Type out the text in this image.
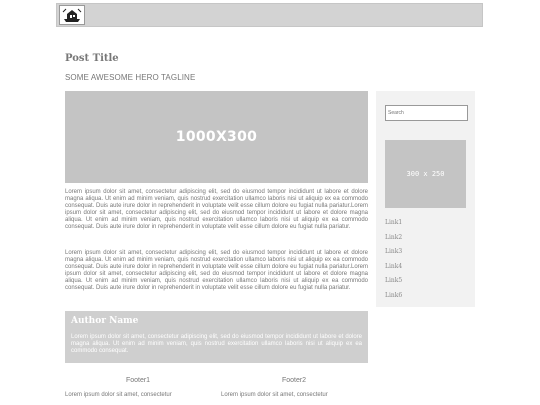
Post Title
SOME AWESOME HERO TAGLINE
1000X300

Lorem ipsum dolor sit amet, consectetur adipiscing elit, sed do eiusmod tempor incididunt ut labore et dolore magna aliqua. Ut enim ad minim veniam, quis nostrud exercitation ullamco laboris nisi ut aliquip ex ea commodo consequat. Duis aute irure dolor in reprehenderit in voluptate velit esse cillum dolore eu fugiat nulla pariatur.Lorem ipsum dolor sit amet, consectetur adipiscing elit, sed do eiusmod tempor incididunt ut labore et dolore magna aliqua. Ut enim ad minim veniam, quis nostrud exercitation ullamco laboris nisi ut aliquip ex ea commodo consequat. Duis aute irure dolor in reprehenderit in voluptate velit esse cillum dolore eu fugiat nulla pariatur.

Lorem ipsum dolor sit amet, consectetur adipiscing elit, sed do eiusmod tempor incididunt ut labore et dolore magna aliqua. Ut enim ad minim veniam, quis nostrud exercitation ullamco laboris nisi ut aliquip ex ea commodo consequat. Duis aute irure dolor in reprehenderit in voluptate velit esse cillum dolore eu fugiat nulla pariatur.Lorem ipsum dolor sit amet, consectetur adipiscing elit, sed do eiusmod tempor incididunt ut labore et dolore magna aliqua. Ut enim ad minim veniam, quis nostrud exercitation ullamco laboris nisi ut aliquip ex ea commodo consequat. Duis aute irure dolor in reprehenderit in voluptate velit esse cillum dolore eu fugiat nulla pariatur.

Author Name

Lorem ipsum dolor sit amet, consectetur adipiscing elit, sed do eiusmod tempor incididunt ut labore et dolore magna aliqua. Ut enim ad minim veniam, quis nostrud exercitation ullamco laboris nisi ut aliquip ex ea commodo consequat.

Footer1

Lorem ipsum dolor sit amet, consectetur

Footer2

Lorem ipsum dolor sit amet, consectetur

Search
300 x 250
Link1
Link2
Link3
Link4
Link5
Link6
